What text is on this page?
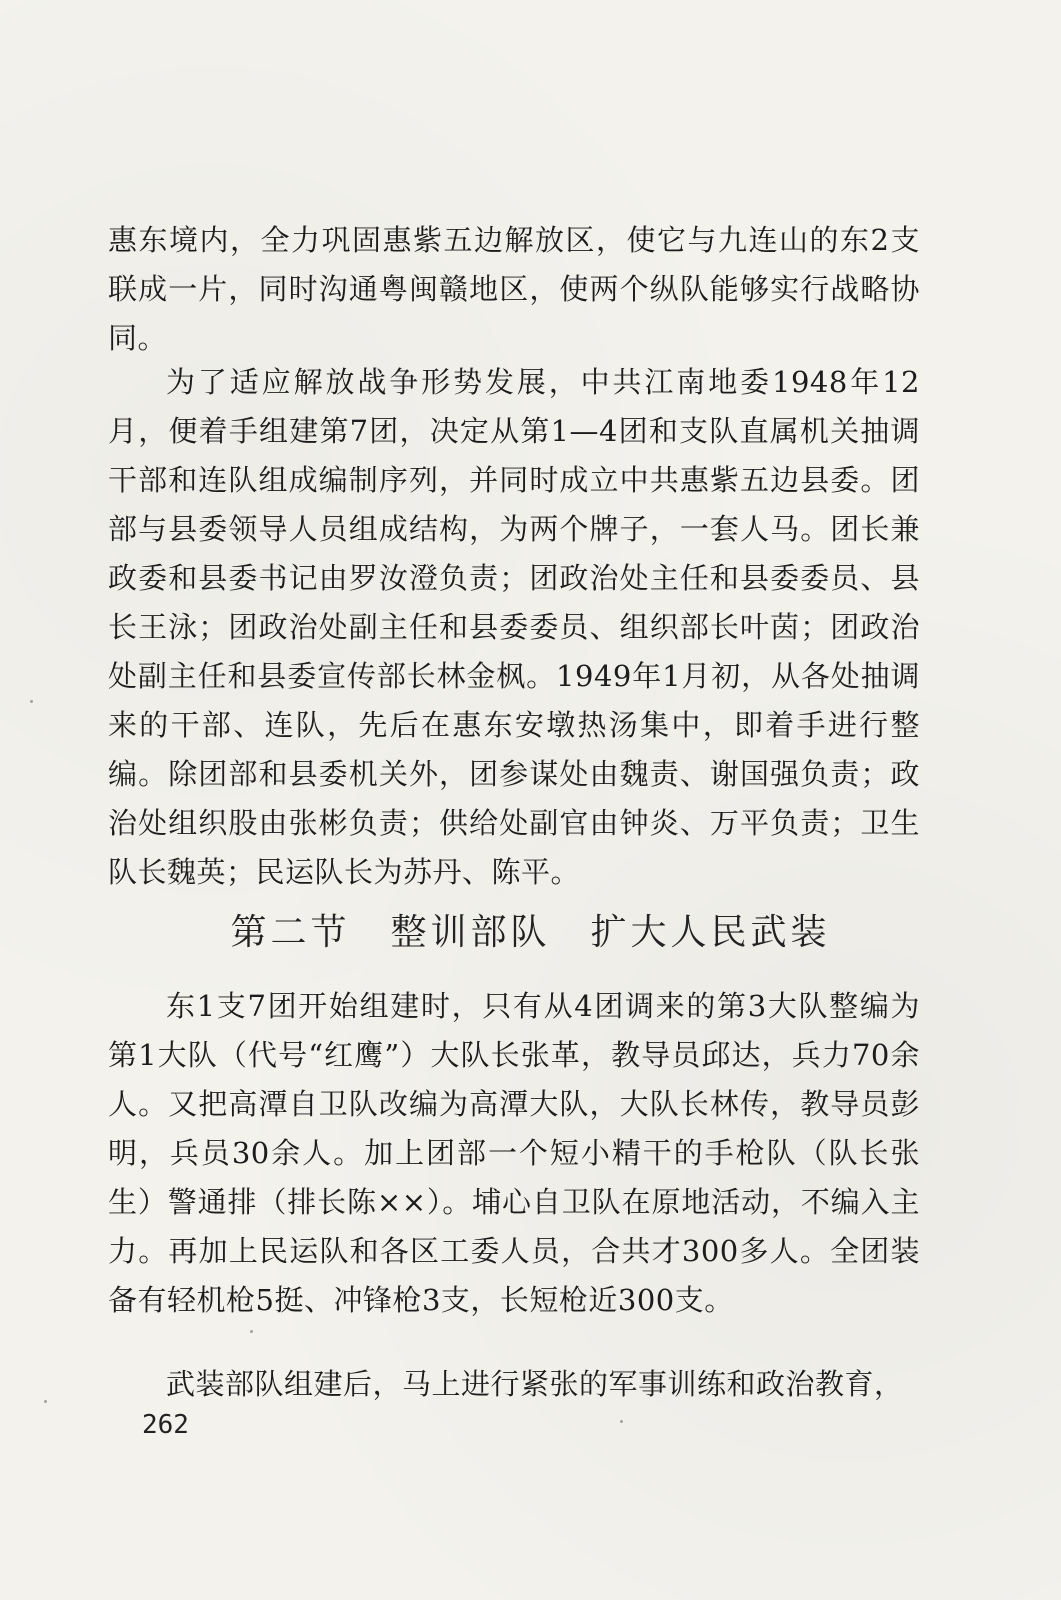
惠东境内，全力巩固惠紫五边解放区，使它与九连山的东2支联成一片，同时沟通粤闽赣地区，使两个纵队能够实行战略协同。

为了适应解放战争形势发展，中共江南地委1948年12月，便着手组建第7团，决定从第1—4团和支队直属机关抽调干部和连队组成编制序列，并同时成立中共惠紫五边县委。团部与县委领导人员组成结构，为两个牌子，一套人马。团长兼政委和县委书记由罗汝澄负责；团政治处主任和县委委员、县长王泳；团政治处副主任和县委委员、组织部长叶茵；团政治处副主任和县委宣传部长林金枫。1949年1月初，从各处抽调来的干部、连队，先后在惠东安墩热汤集中，即着手进行整编。除团部和县委机关外，团参谋处由魏责、谢国强负责；政治处组织股由张彬负责；供给处副官由钟炎、万平负责；卫生队长魏英；民运队长为苏丹、陈平。

第二节　整训部队　扩大人民武装

东1支7团开始组建时，只有从4团调来的第3大队整编为第1大队（代号“红鹰”）大队长张革，教导员邱达，兵力70余人。又把高潭自卫队改编为高潭大队，大队长林传，教导员彭明，兵员30余人。加上团部一个短小精干的手枪队（队长张生）警通排（排长陈××）。埔心自卫队在原地活动，不编入主力。再加上民运队和各区工委人员，合共才300多人。全团装备有轻机枪5挺、冲锋枪3支，长短枪近300支。

武装部队组建后，马上进行紧张的军事训练和政治教育，

262
